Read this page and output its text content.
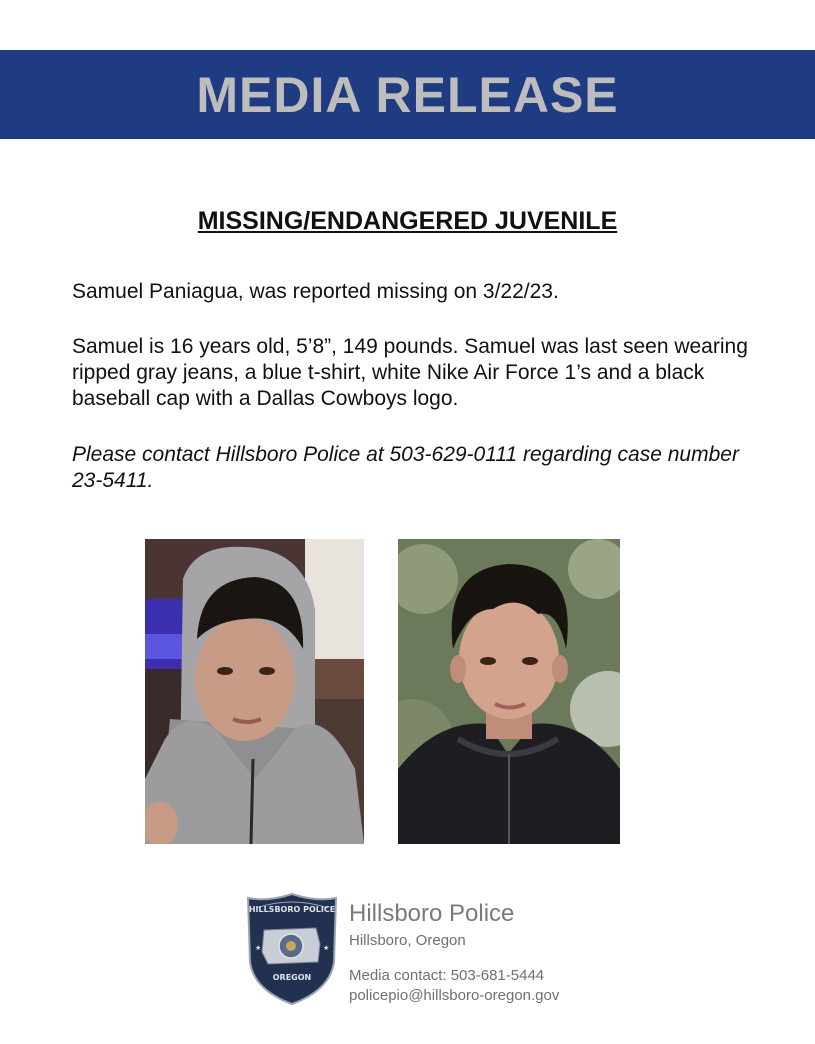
MEDIA RELEASE
MISSING/ENDANGERED JUVENILE
Samuel Paniagua, was reported missing on 3/22/23.
Samuel is 16 years old, 5’8”, 149 pounds. Samuel was last seen wearing ripped gray jeans, a blue t-shirt, white Nike Air Force 1’s and a black baseball cap with a Dallas Cowboys logo.
Please contact Hillsboro Police at 503-629-0111 regarding case number 23-5411.
HILLSBORO POLICE
★	★
OREGON
Hillsboro Police
Hillsboro, Oregon
Media contact: 503-681-5444
policepio@hillsboro-oregon.gov
